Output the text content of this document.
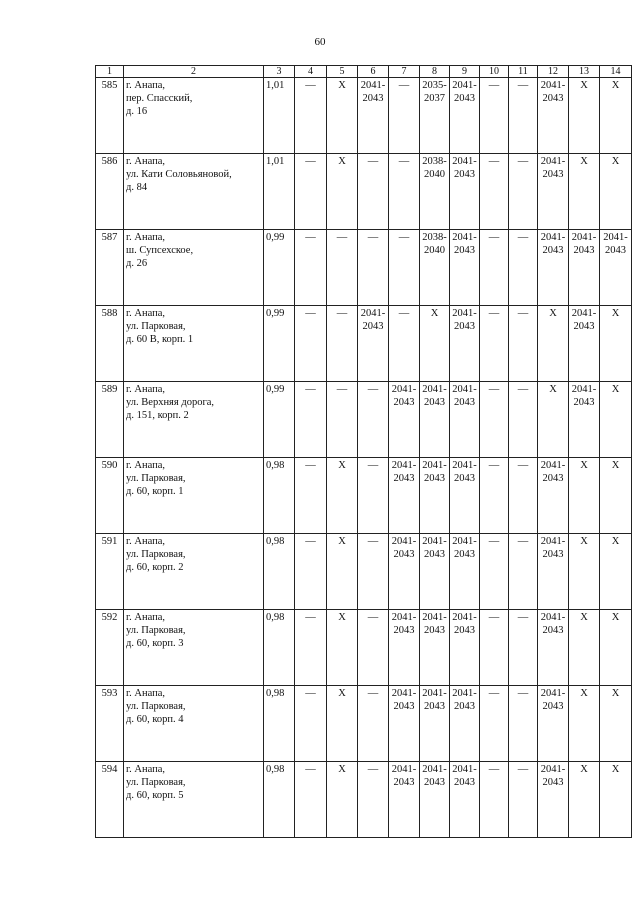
60
1	2	3	4	5	6	7	8	9	10	11	12	13	14
585	г. Анапа,
пер. Спасский,
д. 16	1,01	—	X	2041-
2043	—	2035-
2037	2041-
2043	—	—	2041-
2043	X	X

586	г. Анапа,
ул. Кати Соловьяновой,
д. 84	1,01	—	X	—	—	2038-
2040	2041-
2043	—	—	2041-
2043	X	X

587	г. Анапа,
ш. Супсехское,
д. 26	0,99	—	—	—	—	2038-
2040	2041-
2043	—	—	2041-
2043	2041-
2043	2041-
2043

588	г. Анапа,
ул. Парковая,
д. 60 В, корп. 1	0,99	—	—	2041-
2043	—	X	2041-
2043	—	—	X	2041-
2043	X

589	г. Анапа,
ул. Верхняя дорога,
д. 151, корп. 2	0,99	—	—	—	2041-
2043	2041-
2043	2041-
2043	—	—	X	2041-
2043	X

590	г. Анапа,
ул. Парковая,
д. 60, корп. 1	0,98	—	X	—	2041-
2043	2041-
2043	2041-
2043	—	—	2041-
2043	X	X

591	г. Анапа,
ул. Парковая,
д. 60, корп. 2	0,98	—	X	—	2041-
2043	2041-
2043	2041-
2043	—	—	2041-
2043	X	X

592	г. Анапа,
ул. Парковая,
д. 60, корп. 3	0,98	—	X	—	2041-
2043	2041-
2043	2041-
2043	—	—	2041-
2043	X	X

593	г. Анапа,
ул. Парковая,
д. 60, корп. 4	0,98	—	X	—	2041-
2043	2041-
2043	2041-
2043	—	—	2041-
2043	X	X

594	г. Анапа,
ул. Парковая,
д. 60, корп. 5	0,98	—	X	—	2041-
2043	2041-
2043	2041-
2043	—	—	2041-
2043	X	X
